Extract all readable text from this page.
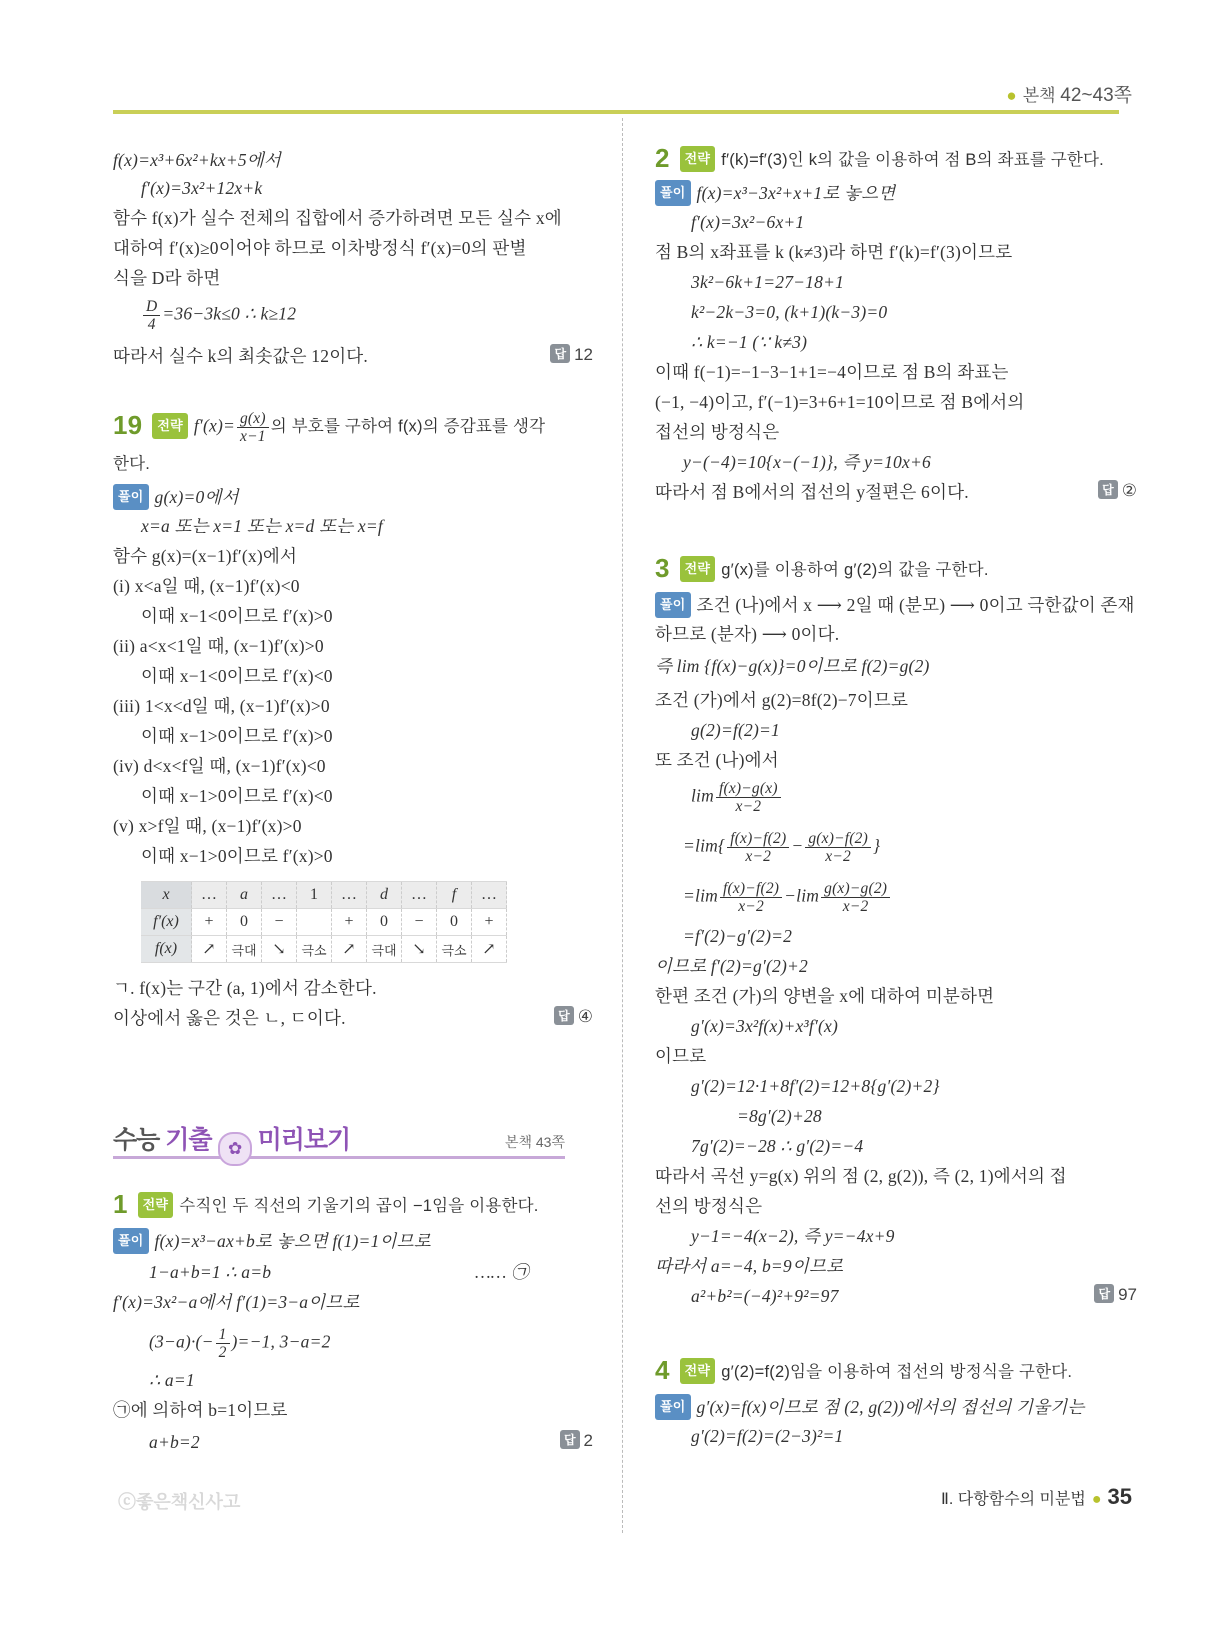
● 본책 42~43쪽
f(x)=x³+6x²+kx+5에서
f′(x)=3x²+12x+k
함수 f(x)가 실수 전체의 집합에서 증가하려면 모든 실수 x에
대하여 f′(x)≥0이어야 하므로 이차방정식 f′(x)=0의 판별
식을 D라 하면
$\frac{D}{4} =36-3k\le 0$ ∴ k≥12
따라서 실수 k의 최솟값은 12이다.	답 12
19 전략 $f'(x)= \frac{g(x)}{x-1}$ 의 부호를 구하여 f(x)의 증감표를 생각
한다.
풀이 g(x)=0에서
x=a 또는 x=1 또는 x=d 또는 x=f
함수 g(x)=(x−1)f′(x)에서
(i) x<a일 때, (x−1)f′(x)<0
이때 x−1<0이므로 f′(x)>0
(ii) a<x<1일 때, (x−1)f′(x)>0
이때 x−1<0이므로 f′(x)<0
(iii) 1<x<d일 때, (x−1)f′(x)>0
이때 x−1>0이므로 f′(x)>0
(iv) d<x<f일 때, (x−1)f′(x)<0
이때 x−1>0이므로 f′(x)<0
(v) x>f일 때, (x−1)f′(x)>0
이때 x−1>0이므로 f′(x)>0
x	…	a	…	1	…	d	…	f	…
f′(x)	+	0	−		+	0	−	0	+
f(x)	↗	극대	↘	극소	↗	극대	↘	극소	↗
ㄱ. f(x)는 구간 (a, 1)에서 감소한다.
이상에서 옳은 것은 ㄴ, ㄷ이다.	답 ④
수능 기출 ✿ 미리보기	본책 43쪽
1 전략 수직인 두 직선의 기울기의 곱이 −1임을 이용한다.
풀이 f(x)=x³−ax+b로 놓으면 f(1)=1이므로
1−a+b=1 ∴ a=b	…… ㉠
f′(x)=3x²−a에서 f′(1)=3−a이므로
$(3-a)\cdot(- \frac{1}{2} )=-1$, 3−a=2
∴ a=1
㉠에 의하여 b=1이므로
a+b=2	답 2
2 전략 f′(k)=f′(3)인 k의 값을 이용하여 점 B의 좌표를 구한다.
풀이 f(x)=x³−3x²+x+1로 놓으면
f′(x)=3x²−6x+1
점 B의 x좌표를 k (k≠3)라 하면 f′(k)=f′(3)이므로
3k²−6k+1=27−18+1
k²−2k−3=0, (k+1)(k−3)=0
∴ k=−1 (∵ k≠3)
이때 f(−1)=−1−3−1+1=−4이므로 점 B의 좌표는
(−1, −4)이고, f′(−1)=3+6+1=10이므로 점 B에서의
접선의 방정식은
y−(−4)=10{x−(−1)}, 즉 y=10x+6
따라서 점 B에서의 접선의 y절편은 6이다.	답 ②
3 전략 g′(x)를 이용하여 g′(2)의 값을 구한다.
풀이 조건 (나)에서 x ⟶ 2일 때 (분모) ⟶ 0이고 극한값이 존재
하므로 (분자) ⟶ 0이다.
즉 lim {f(x)−g(x)}=0이므로 f(2)=g(2)
조건 (가)에서 g(2)=8f(2)−7이므로
g(2)=f(2)=1
또 조건 (나)에서
$\lim \frac{f(x)-g(x)}{x-2}$
$=\lim\{ \frac{f(x)-f(2)}{x-2} - \frac{g(x)-f(2)}{x-2}$ }
$=\lim \frac{f(x)-f(2)}{x-2} -\lim \frac{g(x)-g(2)}{x-2}$
=f′(2)−g′(2)=2
이므로 f′(2)=g′(2)+2
한편 조건 (가)의 양변을 x에 대하여 미분하면
g′(x)=3x²f(x)+x³f′(x)
이므로
g′(2)=12·1+8f′(2)=12+8{g′(2)+2}
=8g′(2)+28
7g′(2)=−28 ∴ g′(2)=−4
따라서 곡선 y=g(x) 위의 점 (2, g(2)), 즉 (2, 1)에서의 접
선의 방정식은
y−1=−4(x−2), 즉 y=−4x+9
따라서 a=−4, b=9이므로
a²+b²=(−4)²+9²=97	답 97
4 전략 g′(2)=f(2)임을 이용하여 접선의 방정식을 구한다.
풀이 g′(x)=f(x)이므로 점 (2, g(2))에서의 접선의 기울기는
g′(2)=f(2)=(2−3)²=1
ⓒ좋은책신사고	Ⅱ. 다항함수의 미분법 ● 35
